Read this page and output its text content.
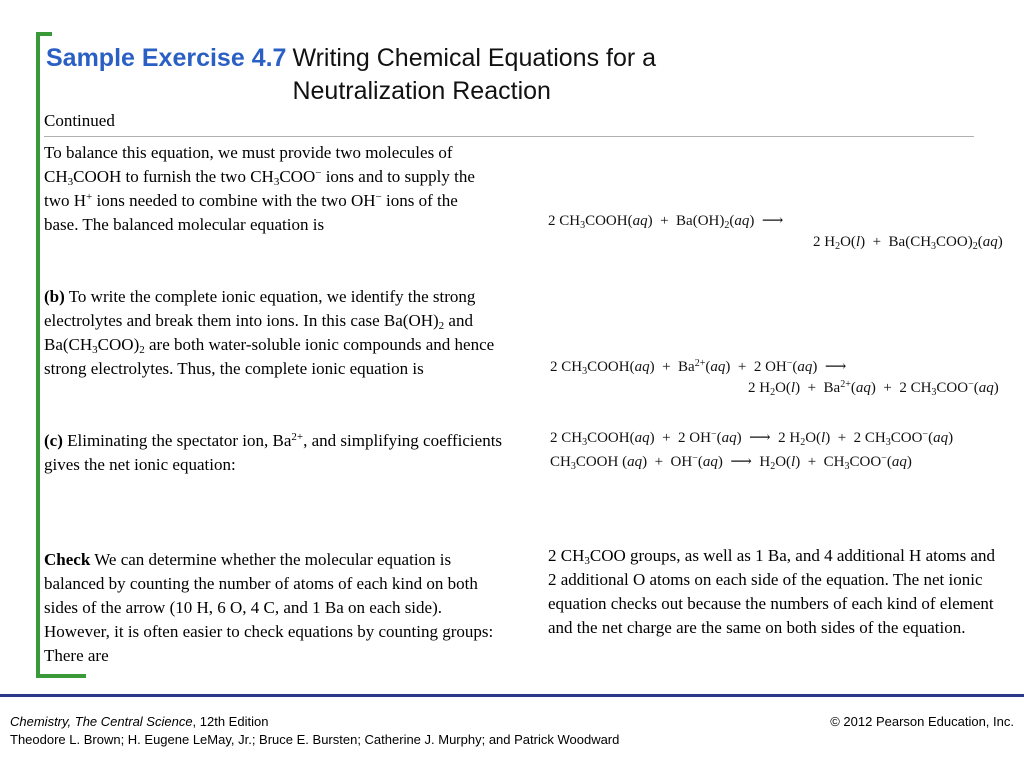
Sample Exercise 4.7 Writing Chemical Equations for a Neutralization Reaction
Continued
To balance this equation, we must provide two molecules of $CH_3COOH$ to furnish the two $CH_3COO^-$ ions and to supply the two H+ ions needed to combine with the two OH− ions of the base. The balanced molecular equation is
(b) To write the complete ionic equation, we identify the strong electrolytes and break them into ions. In this case $Ba(OH)_2$ and $Ba(CH_3COO)_2$ are both water-soluble ionic compounds and hence strong electrolytes. Thus, the complete ionic equation is
(c) Eliminating the spectator ion, $Ba^{2+}$, and simplifying coefficients gives the net ionic equation:
Check We can determine whether the molecular equation is balanced by counting the number of atoms of each kind on both sides of the arrow (10 H, 6 O, 4 C, and 1 Ba on each side). However, it is often easier to check equations by counting groups: There are
2 $CH_3COO$ groups, as well as 1 Ba, and 4 additional H atoms and 2 additional O atoms on each side of the equation. The net ionic equation checks out because the numbers of each kind of element and the net charge are the same on both sides of the equation.
2 $CH_3COOH(aq) + Ba(OH)_2(aq)$  ⟶
2 $H_2O(l) + Ba(CH_3COO)_2(aq)$
2 $CH_3COOH(aq) + Ba^{2+}(aq) + 2$ OH−(aq)  ⟶
2 $H_2O(l) + Ba^{2+}(aq) + 2$ $CH_3COO^-(aq)$
2 $CH_3COOH(aq) + 2$ OH−(aq)  ⟶  2 $H_2O(l) + 2$ $CH_3COO^-(aq)$
$CH_3COOH$ (aq)  +  OH−(aq)  ⟶  $H_2O(l) + CH_3COO^-(aq)$
Chemistry, The Central Science, 12th Edition
Theodore L. Brown; H. Eugene LeMay, Jr.; Bruce E. Bursten; Catherine J. Murphy; and Patrick Woodward
© 2012 Pearson Education, Inc.
